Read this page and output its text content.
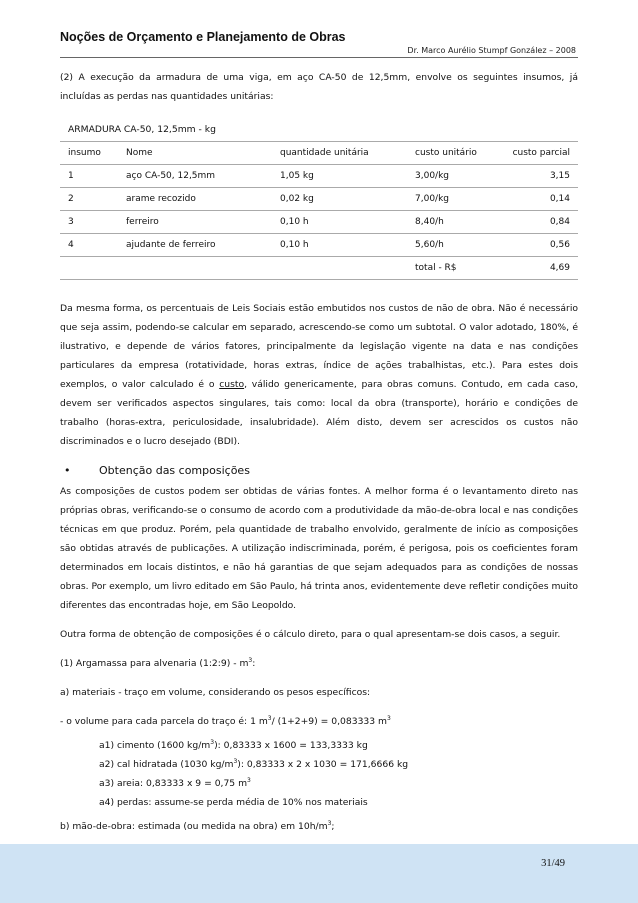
Noções de Orçamento e Planejamento de Obras
Dr. Marco Aurélio Stumpf González – 2008

(2) A execução da armadura de uma viga, em aço CA-50 de 12,5mm, envolve os seguintes insumos, já incluídas as perdas nas quantidades unitárias:

ARMADURA CA-50, 12,5mm - kg
insumo	Nome	quantidade unitária	custo unitário	custo parcial
1	aço CA-50, 12,5mm	1,05 kg	3,00/kg	3,15
2	arame recozido	0,02 kg	7,00/kg	0,14
3	ferreiro	0,10 h	8,40/h	0,84
4	ajudante de ferreiro	0,10 h	5,60/h	0,56
			total - R$	4,69

Da mesma forma, os percentuais de Leis Sociais estão embutidos nos custos de não de obra. Não é necessário que seja assim, podendo-se calcular em separado, acrescendo-se como um subtotal. O valor adotado, 180%, é ilustrativo, e depende de vários fatores, principalmente da legislação vigente na data e nas condições particulares da empresa (rotatividade, horas extras, índice de ações trabalhistas, etc.). Para estes dois exemplos, o valor calculado é o custo, válido genericamente, para obras comuns. Contudo, em cada caso, devem ser verificados aspectos singulares, tais como: local da obra (transporte), horário e condições de trabalho (horas-extra, periculosidade, insalubridade). Além disto, devem ser acrescidos os custos não discriminados e o lucro desejado (BDI).

•	Obtenção das composições

As composições de custos podem ser obtidas de várias fontes. A melhor forma é o levantamento direto nas próprias obras, verificando-se o consumo de acordo com a produtividade da mão-de-obra local e nas condições técnicas em que produz. Porém, pela quantidade de trabalho envolvido, geralmente de início as composições são obtidas através de publicações. A utilização indiscriminada, porém, é perigosa, pois os coeficientes foram determinados em locais distintos, e não há garantias de que sejam adequados para as condições de nossas obras. Por exemplo, um livro editado em São Paulo, há trinta anos, evidentemente deve refletir condições muito diferentes das encontradas hoje, em São Leopoldo.

Outra forma de obtenção de composições é o cálculo direto, para o qual apresentam-se dois casos, a seguir.

(1) Argamassa para alvenaria (1:2:9) - $m^3$:
a) materiais - traço em volume, considerando os pesos específicos:
- o volume para cada parcela do traço é: 1 $m^3/$ (1+2+9) = 0,083333 $m^3$
a1) cimento (1600 $kg/m^3$): 0,83333 x 1600 = 133,3333 kg
a2) cal hidratada (1030 $kg/m^3$): 0,83333 x 2 x 1030 = 171,6666 kg
a3) areia: 0,83333 x 9 = 0,75 $m^3$
a4) perdas: assume-se perda média de 10% nos materiais
b) mão-de-obra: estimada (ou medida na obra) em $10h/m^3$;
31/49
